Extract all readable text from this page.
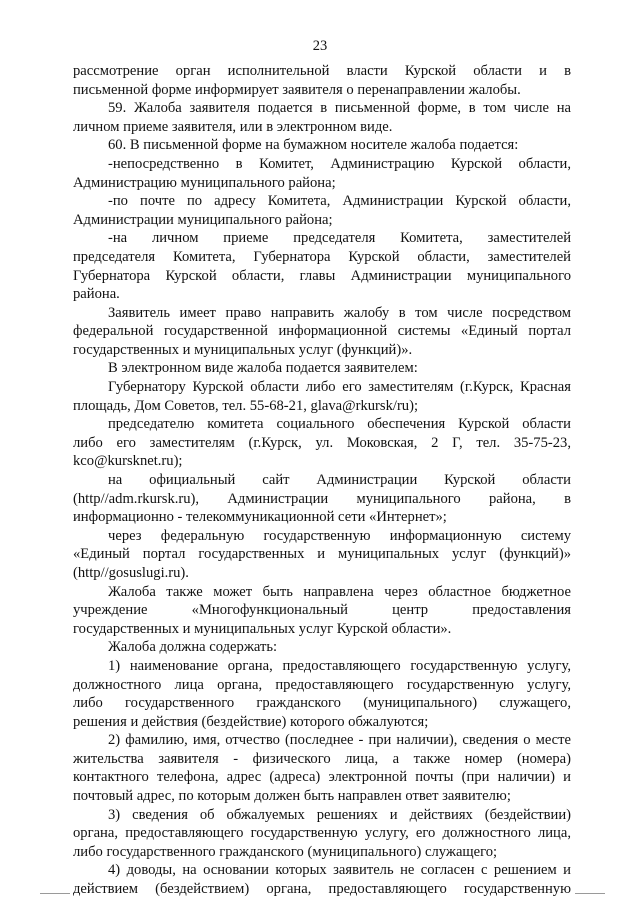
23
рассмотрение орган исполнительной власти Курской области и в
письменной форме информирует заявителя о перенаправлении жалобы.
59. Жалоба заявителя подается в письменной форме, в том числе на
личном приеме заявителя, или в электронном виде.
60. В письменной форме на бумажном носителе жалоба подается:
-непосредственно в Комитет, Администрацию Курской области,
Администрацию муниципального района;
-по почте по адресу Комитета, Администрации Курской области,
Администрации муниципального района;
-на личном приеме председателя Комитета, заместителей
председателя Комитета, Губернатора Курской области, заместителей
Губернатора Курской области, главы Администрации муниципального
района.
Заявитель имеет право направить жалобу в том числе посредством
федеральной государственной информационной системы «Единый портал
государственных и муниципальных услуг (функций)».
В электронном виде жалоба подается заявителем:
Губернатору Курской области либо его заместителям (г.Курск, Красная
площадь, Дом Советов, тел. 55-68-21, glava@rkursk/ru);
председателю комитета социального обеспечения Курской области
либо его заместителям (г.Курск, ул. Моковская, 2 Г, тел. 35-75-23,
kco@kursknet.ru);
на официальный сайт Администрации Курской области
(http//adm.rkursk.ru), Администрации муниципального района, в
информационно - телекоммуникационной сети «Интернет»;
через федеральную государственную информационную систему
«Единый портал государственных и муниципальных услуг (функций)»
(http//gosuslugi.ru).
Жалоба также может быть направлена через областное бюджетное
учреждение «Многофункциональный центр предоставления
государственных и муниципальных услуг Курской области».
Жалоба должна содержать:
1) наименование органа, предоставляющего государственную услугу,
должностного лица органа, предоставляющего государственную услугу,
либо государственного гражданского (муниципального) служащего,
решения и действия (бездействие) которого обжалуются;
2) фамилию, имя, отчество (последнее - при наличии), сведения о месте
жительства заявителя - физического лица, а также номер (номера)
контактного телефона, адрес (адреса) электронной почты (при наличии) и
почтовый адрес, по которым должен быть направлен ответ заявителю;
3) сведения об обжалуемых решениях и действиях (бездействии)
органа, предоставляющего государственную услугу, его должностного лица,
либо государственного гражданского (муниципального) служащего;
4) доводы, на основании которых заявитель не согласен с решением и
действием (бездействием) органа, предоставляющего государственную
